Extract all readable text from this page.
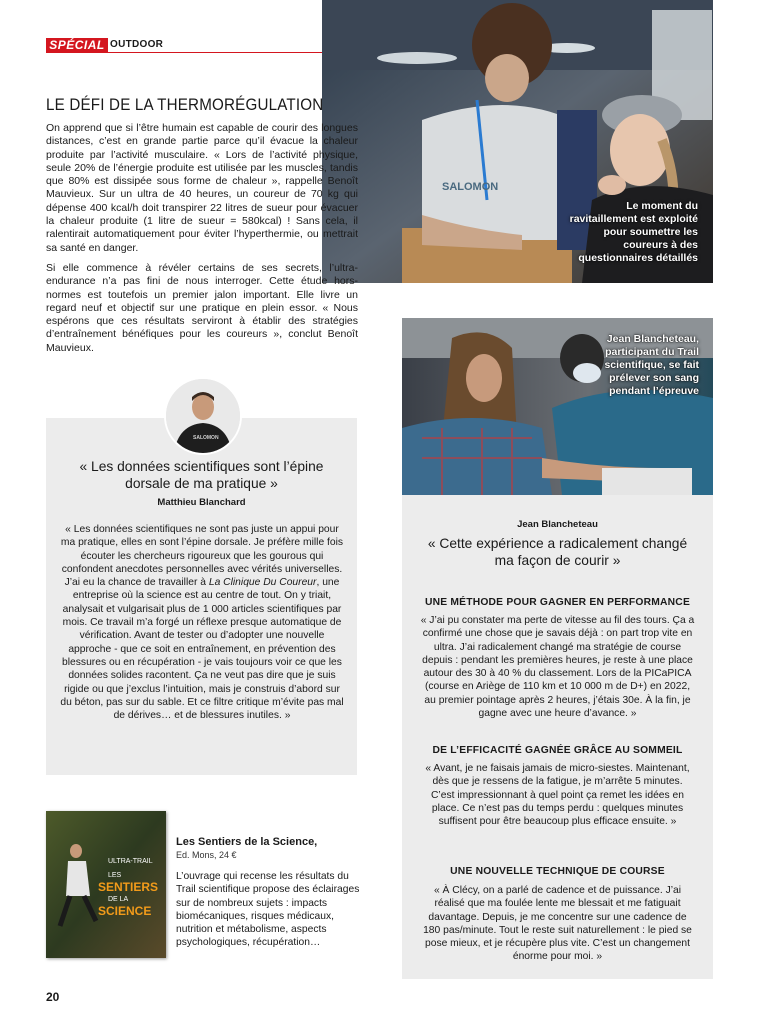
SPÉCIAL OUTDOOR
SALOMON
Le moment du ravitaillement est exploité pour soumettre les coureurs à des questionnaires détaillés
LE DÉFI DE LA THERMORÉGULATION
On apprend que si l’être humain est capable de courir des longues distances, c’est en grande partie parce qu’il évacue la chaleur produite par l’activité musculaire. « Lors de l’activité physique, seule 20% de l’énergie produite est utilisée par les muscles, tandis que 80% est dissipée sous forme de chaleur », rappelle Benoît Mauvieux. Sur un ultra de 40 heures, un coureur de 70 kg qui dépense 400 kcal/h doit transpirer 22 litres de sueur pour évacuer la chaleur produite (1 litre de sueur = 580kcal) ! Sans cela, il ralentirait automatiquement pour éviter l’hyperthermie, ou mettrait sa santé en danger.
Si elle commence à révéler certains de ses secrets, l’ultra-endurance n’a pas fini de nous interroger. Cette étude hors-normes est toutefois un premier jalon important. Elle livre un regard neuf et objectif sur une pratique en plein essor. « Nous espérons que ces résultats serviront à établir des stratégies d’entraînement bénéfiques pour les coureurs », conclut Benoît Mauvieux.
SALOMON
« Les données scientifiques sont l’épine dorsale de ma pratique »
Matthieu Blanchard
« Les données scientifiques ne sont pas juste un appui pour ma pratique, elles en sont l’épine dorsale. Je préfère mille fois écouter les chercheurs rigoureux que les gourous qui confondent anecdotes personnelles avec vérités universelles. J’ai eu la chance de travailler à La Clinique Du Coureur, une entreprise où la science est au centre de tout. On y triait, analysait et vulgarisait plus de 1 000 articles scientifiques par mois. Ce travail m’a forgé un réflexe presque automatique de vérification. Avant de tester ou d’adopter une nouvelle approche - que ce soit en entraînement, en prévention des blessures ou en récupération - je vais toujours voir ce que les données solides racontent. Ça ne veut pas dire que je suis rigide ou que j’exclus l’intuition, mais je construis d’abord sur du béton, pas sur du sable. Et ce filtre critique m’évite pas mal de dérives… et de blessures inutiles. »
Jean Blancheteau, participant du Trail scientifique, se fait prélever son sang pendant l’épreuve
Jean Blancheteau
« Cette expérience a radicalement changé ma façon de courir »
UNE MÉTHODE POUR GAGNER EN PERFORMANCE
« J’ai pu constater ma perte de vitesse au fil des tours. Ça a confirmé une chose que je savais déjà : on part trop vite en ultra. J’ai radicalement changé ma stratégie de course depuis : pendant les premières heures, je reste à une place autour des 30 à 40 % du classement. Lors de la PICaPICA (course en Ariège de 110 km et 10 000 m de D+) en 2022, au premier pointage après 2 heures, j’étais 30e. À la fin, je gagne avec une heure d’avance. »
DE L’EFFICACITÉ GAGNÉE GRÂCE AU SOMMEIL
« Avant, je ne faisais jamais de micro-siestes. Maintenant, dès que je ressens de la fatigue, je m’arrête 5 minutes. C’est impressionnant à quel point ça remet les idées en place. Ce n’est pas du temps perdu : quelques minutes suffisent pour être beaucoup plus efficace ensuite. »
UNE NOUVELLE TECHNIQUE DE COURSE
« À Clécy, on a parlé de cadence et de puissance. J’ai réalisé que ma foulée lente me blessait et me fatiguait davantage. Depuis, je me concentre sur une cadence de 180 pas/minute. Tout le reste suit naturellement : le pied se pose mieux, et je récupère plus vite. C’est un changement énorme pour moi. »
ULTRA-TRAIL
LES
SENTIERS
DE LA
SCIENCE
Les Sentiers de la Science,
Ed. Mons, 24 €
L’ouvrage qui recense les résultats du Trail scientifique propose des éclairages sur de nombreux sujets : impacts biomécaniques, risques médicaux, nutrition et métabolisme, aspects psychologiques, récupération…
20
